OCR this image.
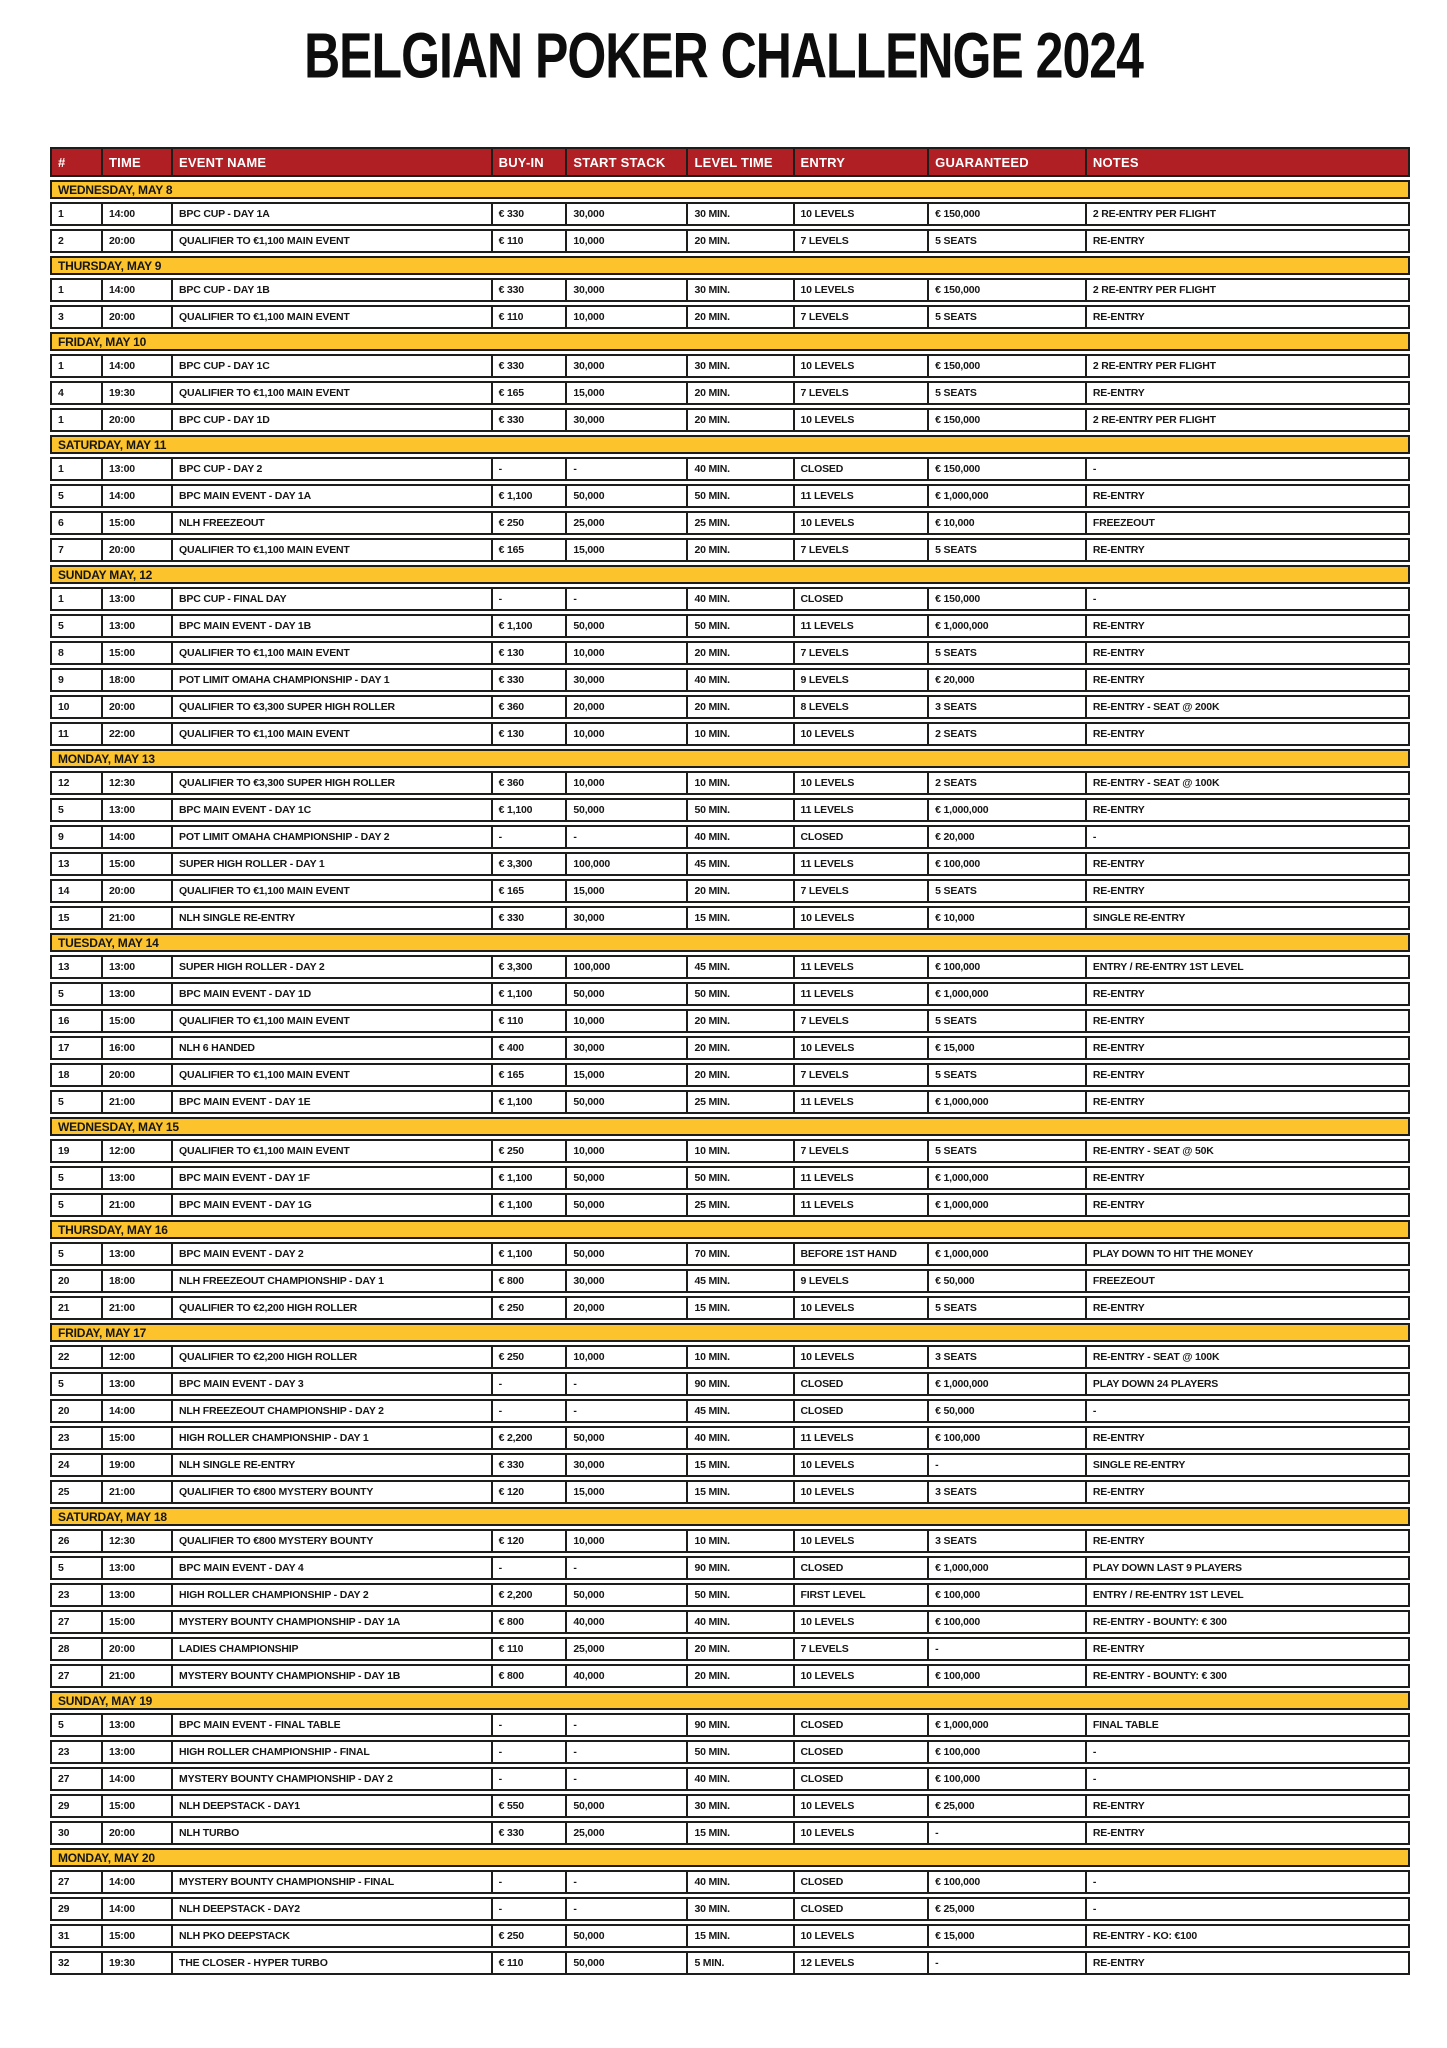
BELGIAN POKER CHALLENGE 2024
#	TIME	EVENT NAME	BUY-IN	START STACK	LEVEL TIME	ENTRY	GUARANTEED	NOTES
WEDNESDAY, MAY 8								
1	14:00	BPC CUP - DAY 1A	€ 330	30,000	30 MIN.	10 LEVELS	€ 150,000	2 RE-ENTRY PER FLIGHT
2	20:00	QUALIFIER TO €1,100 MAIN EVENT	€ 110	10,000	20 MIN.	7 LEVELS	5 SEATS	RE-ENTRY
THURSDAY, MAY 9								
1	14:00	BPC CUP - DAY 1B	€ 330	30,000	30 MIN.	10 LEVELS	€ 150,000	2 RE-ENTRY PER FLIGHT
3	20:00	QUALIFIER TO €1,100 MAIN EVENT	€ 110	10,000	20 MIN.	7 LEVELS	5 SEATS	RE-ENTRY
FRIDAY, MAY 10								
1	14:00	BPC CUP - DAY 1C	€ 330	30,000	30 MIN.	10 LEVELS	€ 150,000	2 RE-ENTRY PER FLIGHT
4	19:30	QUALIFIER TO €1,100 MAIN EVENT	€ 165	15,000	20 MIN.	7 LEVELS	5 SEATS	RE-ENTRY
1	20:00	BPC CUP - DAY 1D	€ 330	30,000	20 MIN.	10 LEVELS	€ 150,000	2 RE-ENTRY PER FLIGHT
SATURDAY, MAY 11								
1	13:00	BPC CUP - DAY 2	-	-	40 MIN.	CLOSED	€ 150,000	-
5	14:00	BPC MAIN EVENT - DAY 1A	€ 1,100	50,000	50 MIN.	11 LEVELS	€ 1,000,000	RE-ENTRY
6	15:00	NLH FREEZEOUT	€ 250	25,000	25 MIN.	10 LEVELS	€ 10,000	FREEZEOUT
7	20:00	QUALIFIER TO €1,100 MAIN EVENT	€ 165	15,000	20 MIN.	7 LEVELS	5 SEATS	RE-ENTRY
SUNDAY MAY, 12								
1	13:00	BPC CUP - FINAL DAY	-	-	40 MIN.	CLOSED	€ 150,000	-
5	13:00	BPC MAIN EVENT - DAY 1B	€ 1,100	50,000	50 MIN.	11 LEVELS	€ 1,000,000	RE-ENTRY
8	15:00	QUALIFIER TO €1,100 MAIN EVENT	€ 130	10,000	20 MIN.	7 LEVELS	5 SEATS	RE-ENTRY
9	18:00	POT LIMIT OMAHA CHAMPIONSHIP - DAY 1	€ 330	30,000	40 MIN.	9 LEVELS	€ 20,000	RE-ENTRY
10	20:00	QUALIFIER TO €3,300 SUPER HIGH ROLLER	€ 360	20,000	20 MIN.	8 LEVELS	3 SEATS	RE-ENTRY - SEAT @ 200K
11	22:00	QUALIFIER TO €1,100 MAIN EVENT	€ 130	10,000	10 MIN.	10 LEVELS	2 SEATS	RE-ENTRY
MONDAY, MAY 13								
12	12:30	QUALIFIER TO €3,300 SUPER HIGH ROLLER	€ 360	10,000	10 MIN.	10 LEVELS	2 SEATS	RE-ENTRY - SEAT @ 100K
5	13:00	BPC MAIN EVENT - DAY 1C	€ 1,100	50,000	50 MIN.	11 LEVELS	€ 1,000,000	RE-ENTRY
9	14:00	POT LIMIT OMAHA CHAMPIONSHIP - DAY 2	-	-	40 MIN.	CLOSED	€ 20,000	-
13	15:00	SUPER HIGH ROLLER - DAY 1	€ 3,300	100,000	45 MIN.	11 LEVELS	€ 100,000	RE-ENTRY
14	20:00	QUALIFIER TO €1,100 MAIN EVENT	€ 165	15,000	20 MIN.	7 LEVELS	5 SEATS	RE-ENTRY
15	21:00	NLH SINGLE RE-ENTRY	€ 330	30,000	15 MIN.	10 LEVELS	€ 10,000	SINGLE RE-ENTRY
TUESDAY, MAY 14								
13	13:00	SUPER HIGH ROLLER - DAY 2	€ 3,300	100,000	45 MIN.	11 LEVELS	€ 100,000	ENTRY / RE-ENTRY 1ST LEVEL
5	13:00	BPC MAIN EVENT - DAY 1D	€ 1,100	50,000	50 MIN.	11 LEVELS	€ 1,000,000	RE-ENTRY
16	15:00	QUALIFIER TO €1,100 MAIN EVENT	€ 110	10,000	20 MIN.	7 LEVELS	5 SEATS	RE-ENTRY
17	16:00	NLH 6 HANDED	€ 400	30,000	20 MIN.	10 LEVELS	€ 15,000	RE-ENTRY
18	20:00	QUALIFIER TO €1,100 MAIN EVENT	€ 165	15,000	20 MIN.	7 LEVELS	5 SEATS	RE-ENTRY
5	21:00	BPC MAIN EVENT - DAY 1E	€ 1,100	50,000	25 MIN.	11 LEVELS	€ 1,000,000	RE-ENTRY
WEDNESDAY, MAY 15								
19	12:00	QUALIFIER TO €1,100 MAIN EVENT	€ 250	10,000	10 MIN.	7 LEVELS	5 SEATS	RE-ENTRY - SEAT @ 50K
5	13:00	BPC MAIN EVENT - DAY 1F	€ 1,100	50,000	50 MIN.	11 LEVELS	€ 1,000,000	RE-ENTRY
5	21:00	BPC MAIN EVENT - DAY 1G	€ 1,100	50,000	25 MIN.	11 LEVELS	€ 1,000,000	RE-ENTRY
THURSDAY, MAY 16								
5	13:00	BPC MAIN EVENT - DAY 2	€ 1,100	50,000	70 MIN.	BEFORE 1ST HAND	€ 1,000,000	PLAY DOWN TO HIT THE MONEY
20	18:00	NLH FREEZEOUT CHAMPIONSHIP - DAY 1	€ 800	30,000	45 MIN.	9 LEVELS	€ 50,000	FREEZEOUT
21	21:00	QUALIFIER TO €2,200 HIGH ROLLER	€ 250	20,000	15 MIN.	10 LEVELS	5 SEATS	RE-ENTRY
FRIDAY, MAY 17								
22	12:00	QUALIFIER TO €2,200 HIGH ROLLER	€ 250	10,000	10 MIN.	10 LEVELS	3 SEATS	RE-ENTRY - SEAT @ 100K
5	13:00	BPC MAIN EVENT - DAY 3	-	-	90 MIN.	CLOSED	€ 1,000,000	PLAY DOWN 24 PLAYERS
20	14:00	NLH FREEZEOUT CHAMPIONSHIP - DAY 2	-	-	45 MIN.	CLOSED	€ 50,000	-
23	15:00	HIGH ROLLER CHAMPIONSHIP - DAY 1	€ 2,200	50,000	40 MIN.	11 LEVELS	€ 100,000	RE-ENTRY
24	19:00	NLH SINGLE RE-ENTRY	€ 330	30,000	15 MIN.	10 LEVELS	-	SINGLE RE-ENTRY
25	21:00	QUALIFIER TO €800 MYSTERY BOUNTY	€ 120	15,000	15 MIN.	10 LEVELS	3 SEATS	RE-ENTRY
SATURDAY, MAY 18								
26	12:30	QUALIFIER TO €800 MYSTERY BOUNTY	€ 120	10,000	10 MIN.	10 LEVELS	3 SEATS	RE-ENTRY
5	13:00	BPC MAIN EVENT - DAY 4	-	-	90 MIN.	CLOSED	€ 1,000,000	PLAY DOWN LAST 9 PLAYERS
23	13:00	HIGH ROLLER CHAMPIONSHIP - DAY 2	€ 2,200	50,000	50 MIN.	FIRST LEVEL	€ 100,000	ENTRY / RE-ENTRY 1ST LEVEL
27	15:00	MYSTERY BOUNTY CHAMPIONSHIP - DAY 1A	€ 800	40,000	40 MIN.	10 LEVELS	€ 100,000	RE-ENTRY - BOUNTY: € 300
28	20:00	LADIES CHAMPIONSHIP	€ 110	25,000	20 MIN.	7 LEVELS	-	RE-ENTRY
27	21:00	MYSTERY BOUNTY CHAMPIONSHIP - DAY 1B	€ 800	40,000	20 MIN.	10 LEVELS	€ 100,000	RE-ENTRY - BOUNTY: € 300
SUNDAY, MAY 19								
5	13:00	BPC MAIN EVENT - FINAL TABLE	-	-	90 MIN.	CLOSED	€ 1,000,000	FINAL TABLE
23	13:00	HIGH ROLLER CHAMPIONSHIP - FINAL	-	-	50 MIN.	CLOSED	€ 100,000	-
27	14:00	MYSTERY BOUNTY CHAMPIONSHIP - DAY 2	-	-	40 MIN.	CLOSED	€ 100,000	-
29	15:00	NLH DEEPSTACK - DAY1	€ 550	50,000	30 MIN.	10 LEVELS	€ 25,000	RE-ENTRY
30	20:00	NLH TURBO	€ 330	25,000	15 MIN.	10 LEVELS	-	RE-ENTRY
MONDAY, MAY 20								
27	14:00	MYSTERY BOUNTY CHAMPIONSHIP - FINAL	-	-	40 MIN.	CLOSED	€ 100,000	-
29	14:00	NLH DEEPSTACK - DAY2	-	-	30 MIN.	CLOSED	€ 25,000	-
31	15:00	NLH PKO DEEPSTACK	€ 250	50,000	15 MIN.	10 LEVELS	€ 15,000	RE-ENTRY - KO: €100
32	19:30	THE CLOSER - HYPER TURBO	€ 110	50,000	5 MIN.	12 LEVELS	-	RE-ENTRY
